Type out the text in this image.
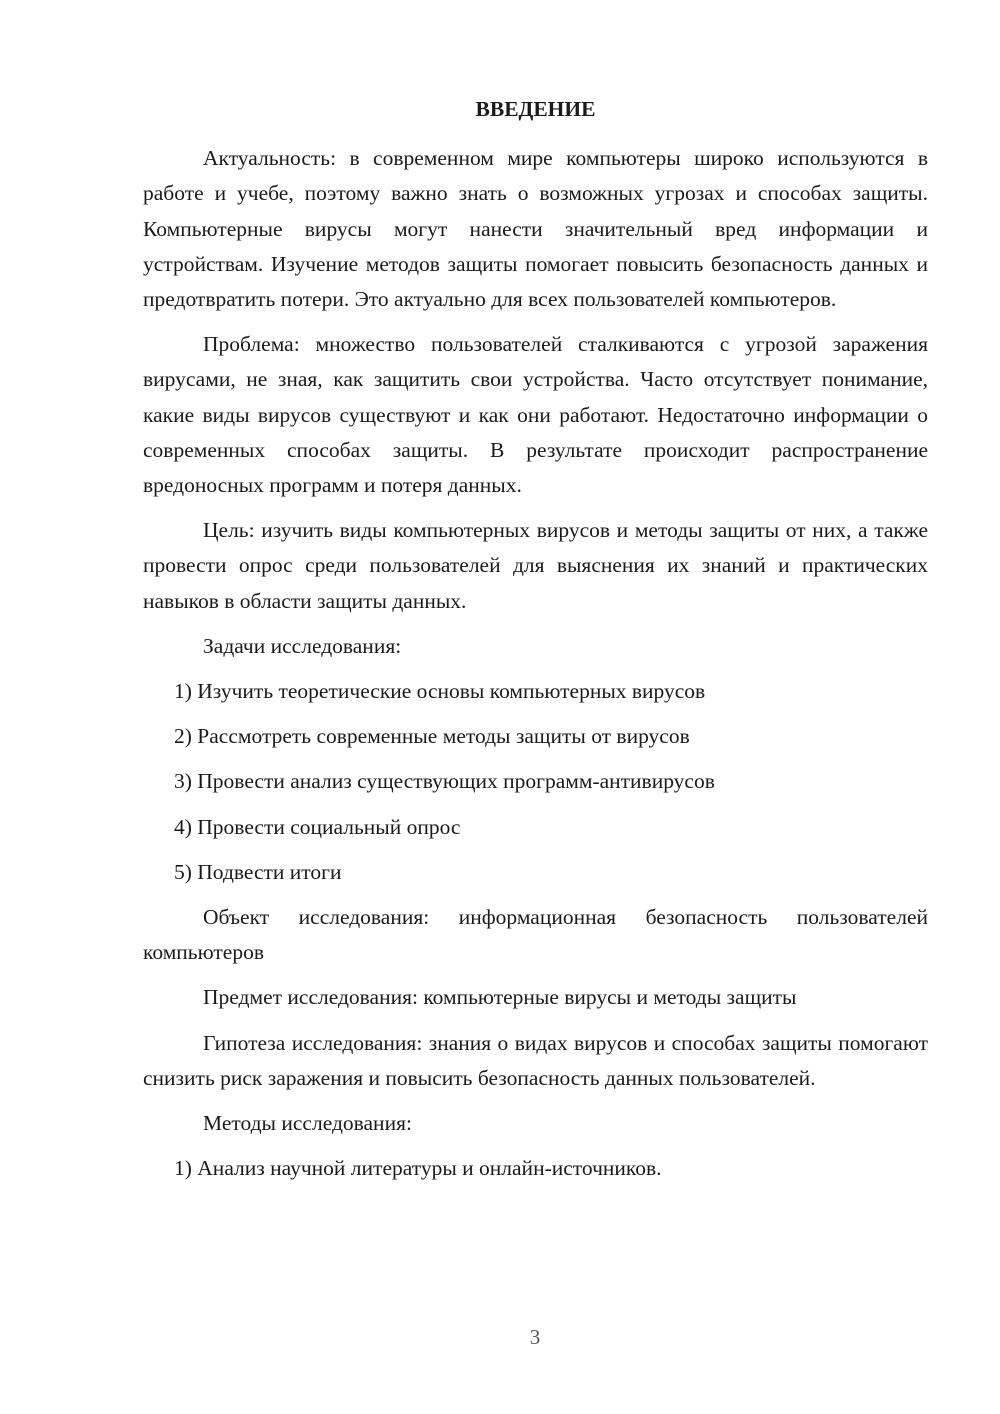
ВВЕДЕНИЕ

Актуальность: в современном мире компьютеры широко используются в работе и учебе, поэтому важно знать о возможных угрозах и способах защиты. Компьютерные вирусы могут нанести значительный вред информации и устройствам. Изучение методов защиты помогает повысить безопасность данных и предотвратить потери. Это актуально для всех пользователей компьютеров.

Проблема: множество пользователей сталкиваются с угрозой заражения вирусами, не зная, как защитить свои устройства. Часто отсутствует понимание, какие виды вирусов существуют и как они работают. Недостаточно информации о современных способах защиты. В результате происходит распространение вредоносных программ и потеря данных.

Цель: изучить виды компьютерных вирусов и методы защиты от них, а также провести опрос среди пользователей для выяснения их знаний и практических навыков в области защиты данных.

Задачи исследования:
1) Изучить теоретические основы компьютерных вирусов
2) Рассмотреть современные методы защиты от вирусов
3) Провести анализ существующих программ-антивирусов
4) Провести социальный опрос
5) Подвести итоги

Объект исследования: информационная безопасность пользователей компьютеров

Предмет исследования: компьютерные вирусы и методы защиты

Гипотеза исследования: знания о видах вирусов и способах защиты помогают снизить риск заражения и повысить безопасность данных пользователей.

Методы исследования:
1) Анализ научной литературы и онлайн-источников.
3
